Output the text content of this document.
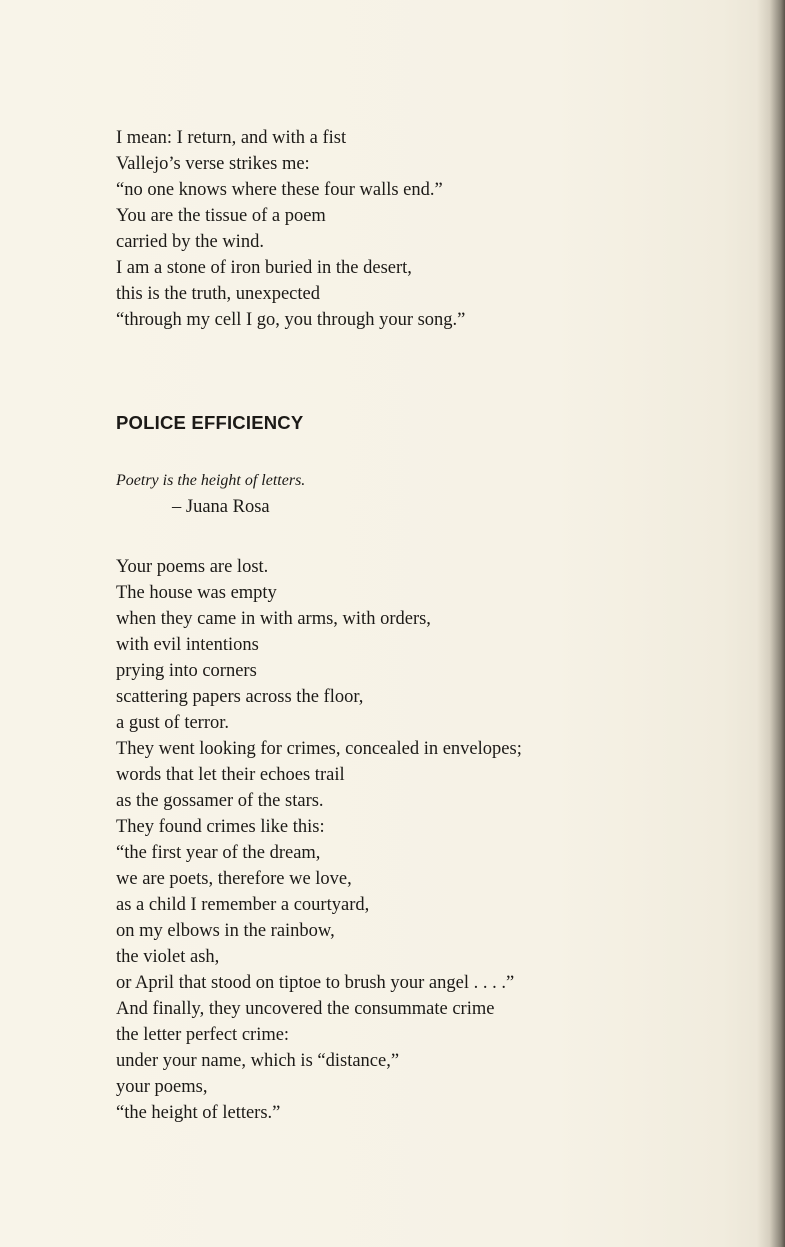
I mean: I return, and with a fist
Vallejo’s verse strikes me:
“no one knows where these four walls end.”
You are the tissue of a poem
carried by the wind.
I am a stone of iron buried in the desert,
this is the truth, unexpected
“through my cell I go, you through your song.”
POLICE EFFICIENCY
Poetry is the height of letters.
– Juana Rosa
Your poems are lost.
The house was empty
when they came in with arms, with orders,
with evil intentions
prying into corners
scattering papers across the floor,
a gust of terror.
They went looking for crimes, concealed in envelopes;
words that let their echoes trail
as the gossamer of the stars.
They found crimes like this:
“the first year of the dream,
we are poets, therefore we love,
as a child I remember a courtyard,
on my elbows in the rainbow,
the violet ash,
or April that stood on tiptoe to brush your angel . . . .”
And finally, they uncovered the consummate crime
the letter perfect crime:
under your name, which is “distance,”
your poems,
“the height of letters.”
